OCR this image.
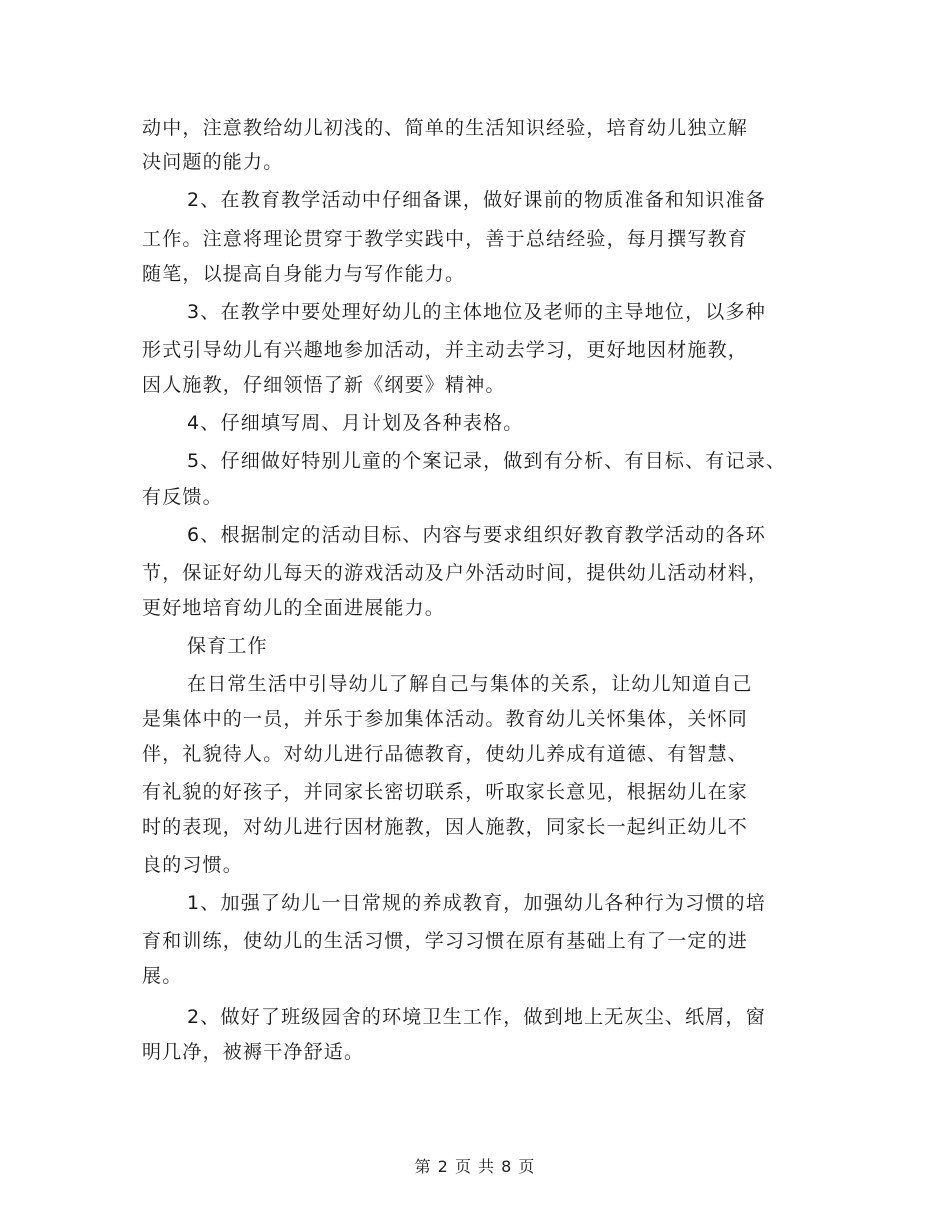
动中，注意教给幼儿初浅的、简单的生活知识经验，培育幼儿独立解
决问题的能力。
2、在教育教学活动中仔细备课，做好课前的物质准备和知识准备
工作。注意将理论贯穿于教学实践中，善于总结经验，每月撰写教育
随笔，以提高自身能力与写作能力。
3、在教学中要处理好幼儿的主体地位及老师的主导地位，以多种
形式引导幼儿有兴趣地参加活动，并主动去学习，更好地因材施教，
因人施教，仔细领悟了新《纲要》精神。
4、仔细填写周、月计划及各种表格。
5、仔细做好特别儿童的个案记录，做到有分析、有目标、有记录、
有反馈。
6、根据制定的活动目标、内容与要求组织好教育教学活动的各环
节，保证好幼儿每天的游戏活动及户外活动时间，提供幼儿活动材料，
更好地培育幼儿的全面进展能力。
保育工作
在日常生活中引导幼儿了解自己与集体的关系，让幼儿知道自己
是集体中的一员，并乐于参加集体活动。教育幼儿关怀集体，关怀同
伴，礼貌待人。对幼儿进行品德教育，使幼儿养成有道德、有智慧、
有礼貌的好孩子，并同家长密切联系，听取家长意见，根据幼儿在家
时的表现，对幼儿进行因材施教，因人施教，同家长一起纠正幼儿不
良的习惯。
1、加强了幼儿一日常规的养成教育，加强幼儿各种行为习惯的培
育和训练，使幼儿的生活习惯，学习习惯在原有基础上有了一定的进
展。
2、做好了班级园舍的环境卫生工作，做到地上无灰尘、纸屑，窗
明几净，被褥干净舒适。
第 2 页 共 8 页
